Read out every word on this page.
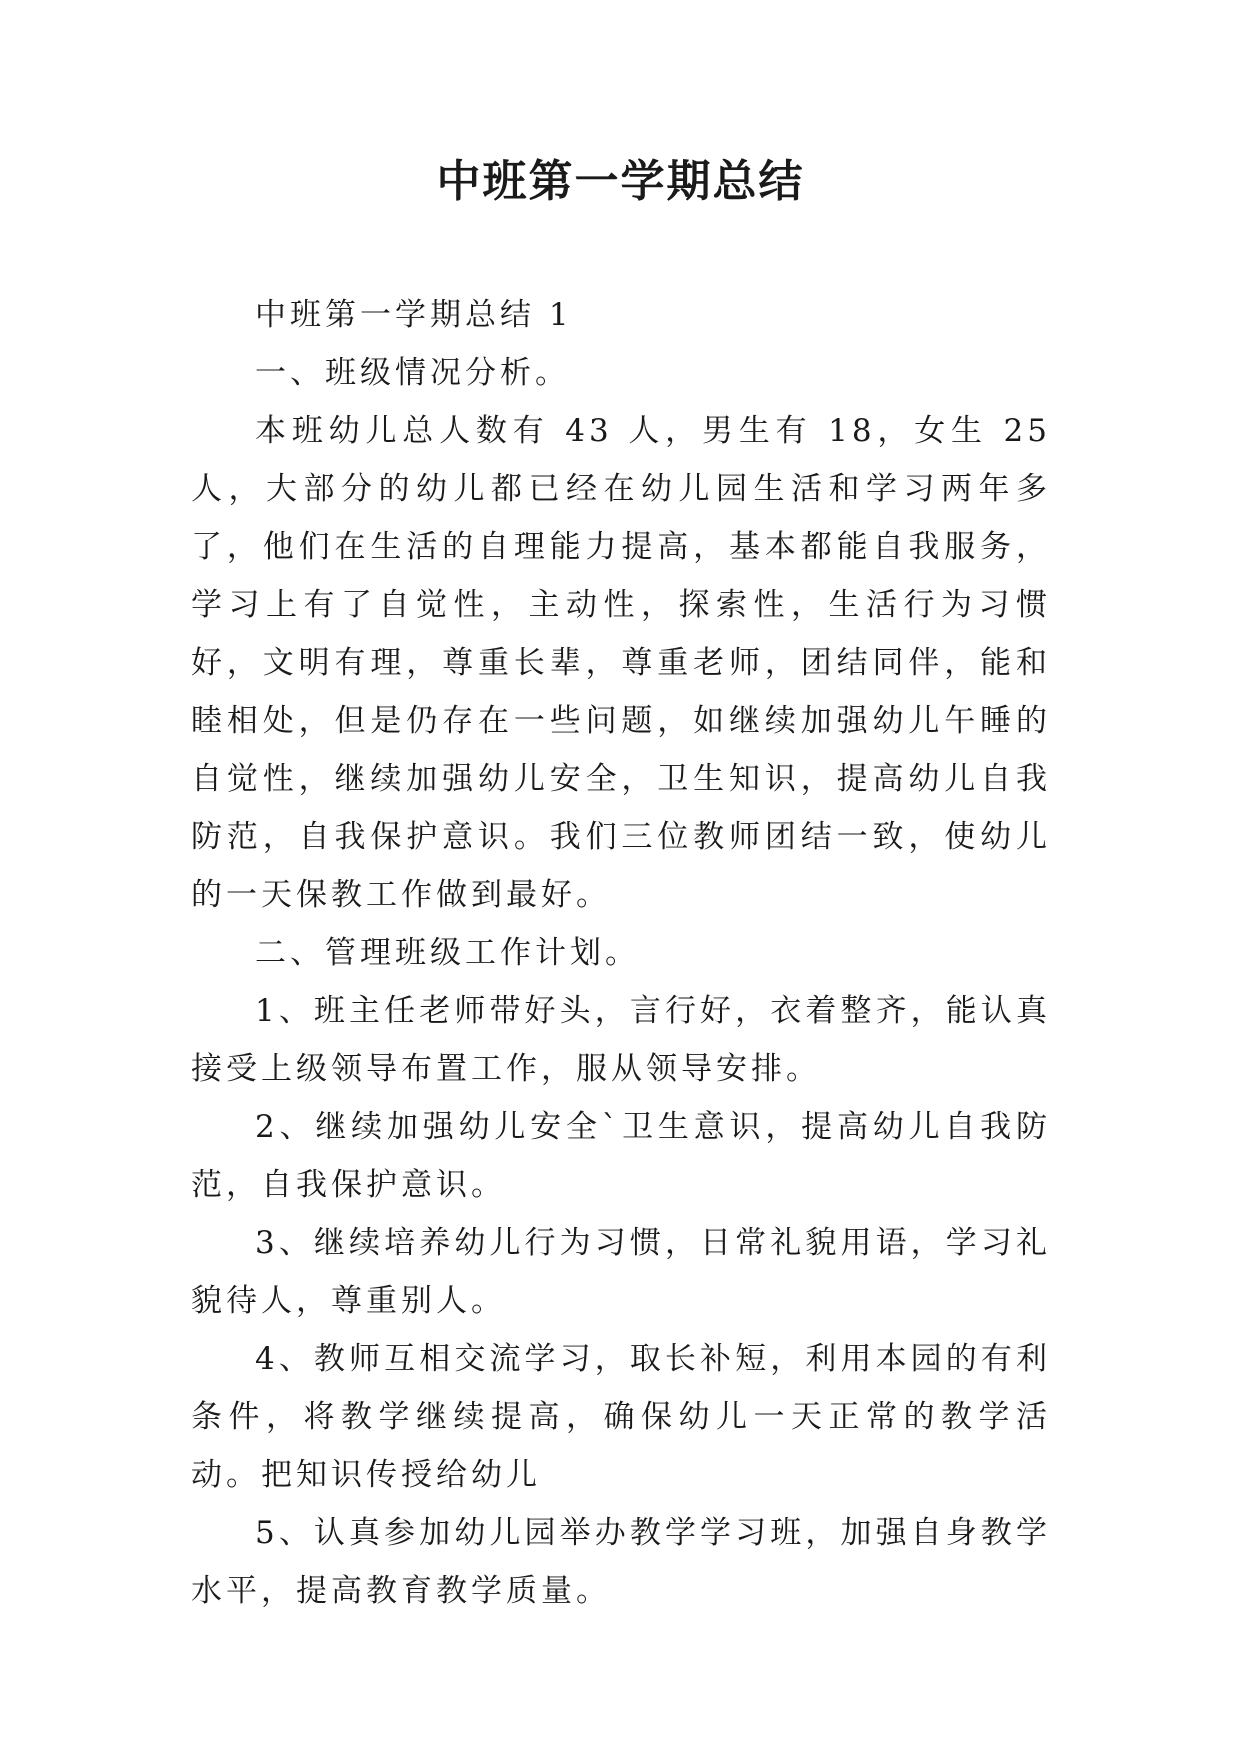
中班第一学期总结

中班第一学期总结 1

一、班级情况分析。

本班幼儿总人数有 43 人，男生有 18，女生 25 人，大部分的幼儿都已经在幼儿园生活和学习两年多了，他们在生活的自理能力提高，基本都能自我服务，学习上有了自觉性，主动性，探索性，生活行为习惯好，文明有理，尊重长辈，尊重老师，团结同伴，能和睦相处，但是仍存在一些问题，如继续加强幼儿午睡的自觉性，继续加强幼儿安全，卫生知识，提高幼儿自我防范，自我保护意识。我们三位教师团结一致，使幼儿的一天保教工作做到最好。

二、管理班级工作计划。

1、班主任老师带好头，言行好，衣着整齐，能认真接受上级领导布置工作，服从领导安排。

2、继续加强幼儿安全`卫生意识，提高幼儿自我防范，自我保护意识。

3、继续培养幼儿行为习惯，日常礼貌用语，学习礼貌待人，尊重别人。

4、教师互相交流学习，取长补短，利用本园的有利条件，将教学继续提高，确保幼儿一天正常的教学活动。把知识传授给幼儿

5、认真参加幼儿园举办教学学习班，加强自身教学水平，提高教育教学质量。
